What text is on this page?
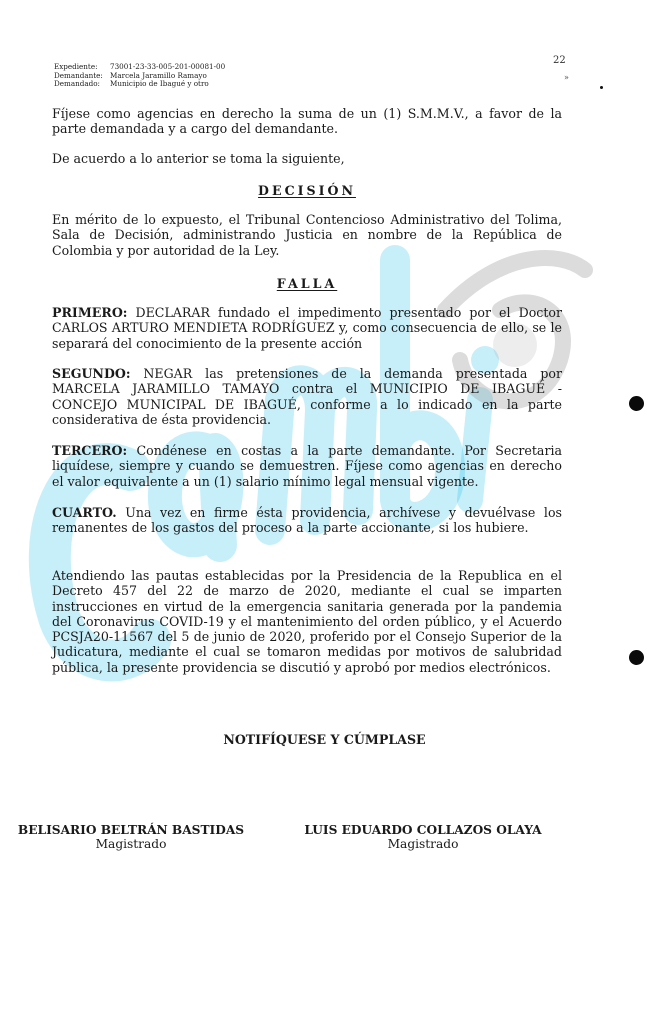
Expediente: 73001-23-33-005-201-00081-00
Demandante: Marcela Jaramillo Ramayo
Demandado: Municipio de Ibagué y otro
22
»
Fíjese como agencias en derecho la suma de un (1) S.M.M.V., a favor de la parte demandada y a cargo del demandante.
De acuerdo a lo anterior se toma la siguiente,
DECISIÓN
En mérito de lo expuesto, el Tribunal Contencioso Administrativo del Tolima, Sala de Decisión, administrando Justicia en nombre de la República de Colombia y por autoridad de la Ley.
FALLA
PRIMERO: DECLARAR fundado el impedimento presentado por el Doctor CARLOS ARTURO MENDIETA RODRÍGUEZ y, como consecuencia de ello, se le separará del conocimiento de la presente acción
SEGUNDO: NEGAR las pretensiones de la demanda presentada por MARCELA JARAMILLO TAMAYO contra el MUNICIPIO DE IBAGUÉ - CONCEJO MUNICIPAL DE IBAGUÉ, conforme a lo indicado en la parte considerativa de ésta providencia.
TERCERO: Condénese en costas a la parte demandante. Por Secretaria liquídese, siempre y cuando se demuestren. Fíjese como agencias en derecho el valor equivalente a un (1) salario mínimo legal mensual vigente.
CUARTO. Una vez en firme ésta providencia, archívese y devuélvase los remanentes de los gastos del proceso a la parte accionante, si los hubiere.
Atendiendo las pautas establecidas por la Presidencia de la Republica en el Decreto 457 del 22 de marzo de 2020, mediante el cual se imparten instrucciones en virtud de la emergencia sanitaria generada por la pandemia del Coronavirus COVID-19 y el mantenimiento del orden público, y el Acuerdo PCSJA20-11567 del 5 de junio de 2020, proferido por el Consejo Superior de la Judicatura, mediante el cual se tomaron medidas por motivos de salubridad pública, la presente providencia se discutió y aprobó por medios electrónicos.
NOTIFÍQUESE Y CÚMPLASE
BELISARIO BELTRÁN BASTIDAS
Magistrado
LUIS EDUARDO COLLAZOS OLAYA
Magistrado
